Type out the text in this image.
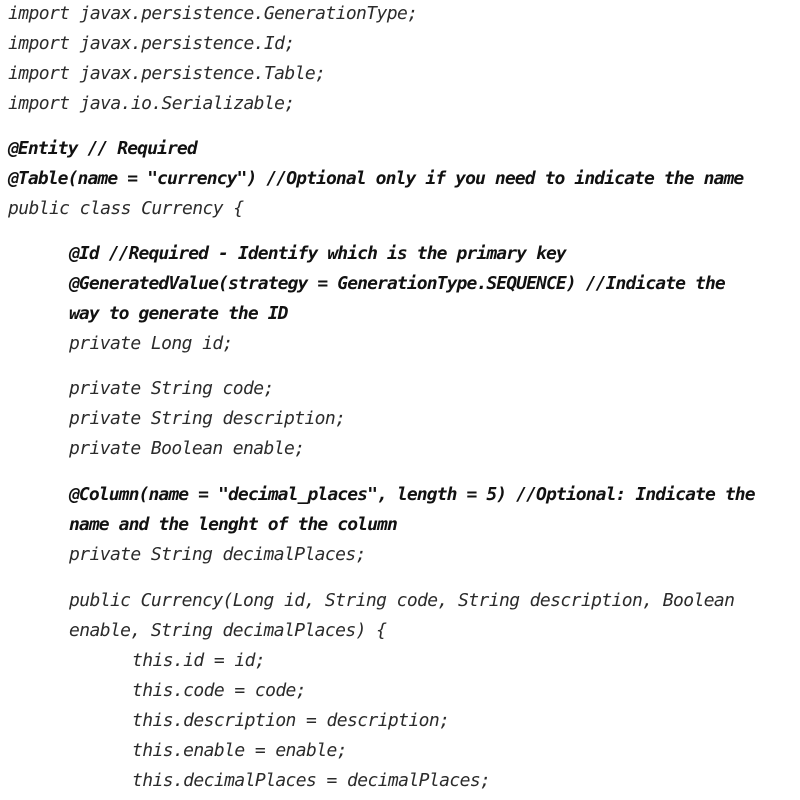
import javax.persistence.GenerationType;
import javax.persistence.Id;
import javax.persistence.Table;
import java.io.Serializable;
@Entity // Required
@Table(name = "currency") //Optional only if you need to indicate the name
public class Currency {
@Id //Required - Identify which is the primary key
@GeneratedValue(strategy = GenerationType.SEQUENCE) //Indicate the
way to generate the ID
private Long id;
private String code;
private String description;
private Boolean enable;
@Column(name = "decimal_places", length = 5) //Optional: Indicate the
name and the lenght of the column
private String decimalPlaces;
public Currency(Long id, String code, String description, Boolean
enable, String decimalPlaces) {
this.id = id;
this.code = code;
this.description = description;
this.enable = enable;
this.decimalPlaces = decimalPlaces;
